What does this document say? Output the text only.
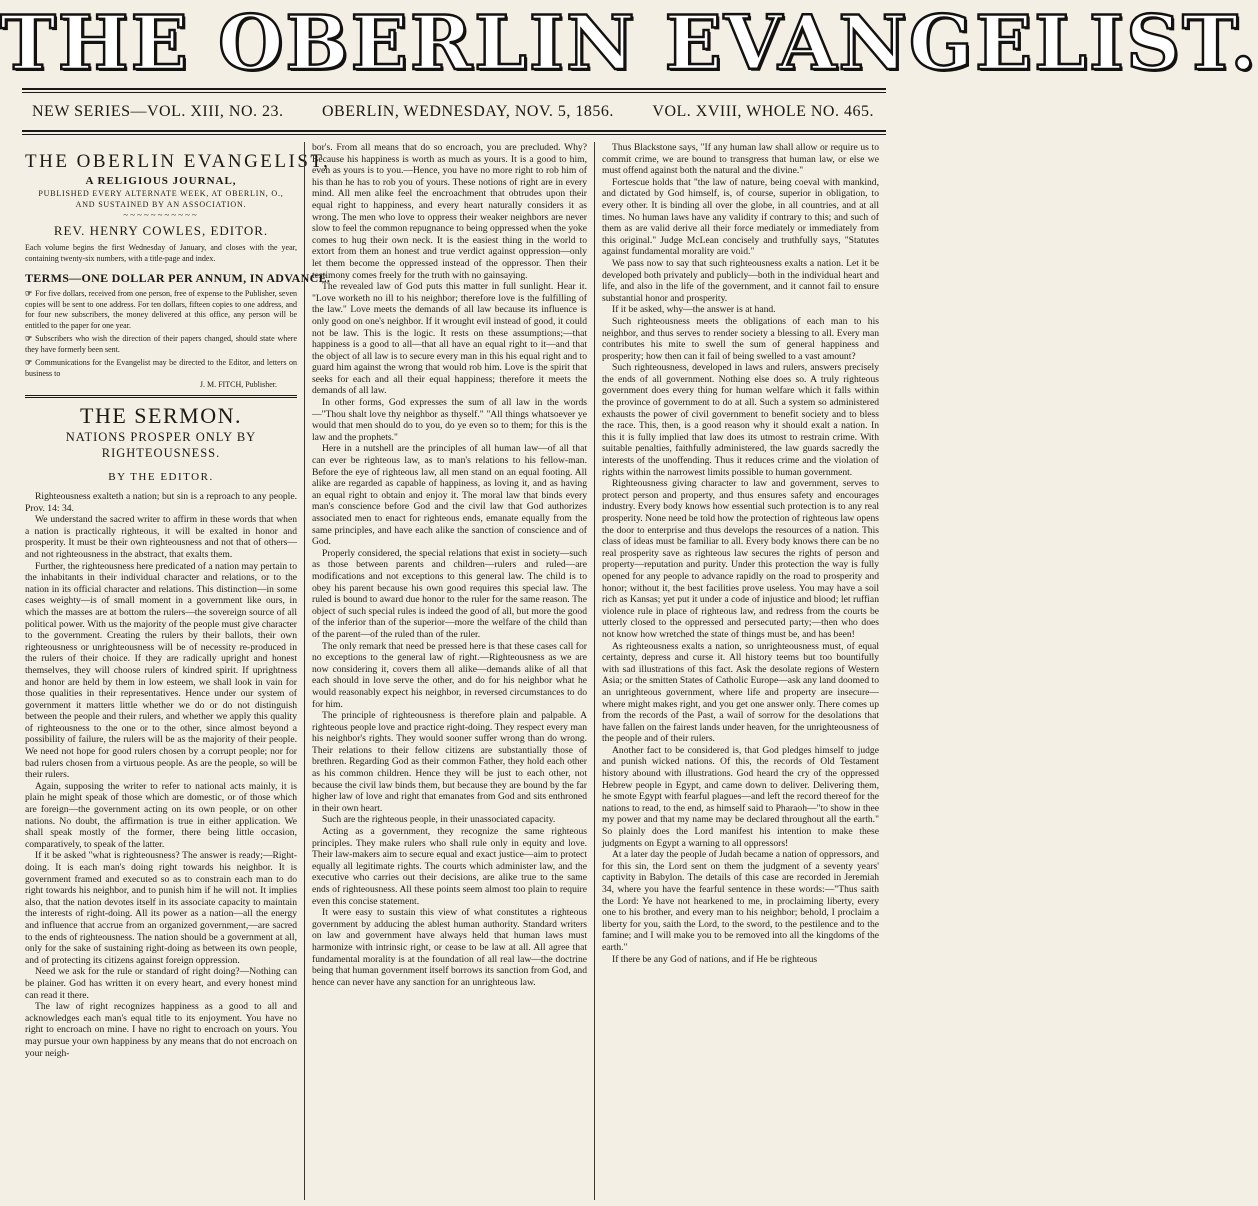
THE OBERLIN EVANGELIST.
NEW SERIES—VOL. XIII, NO. 23. OBERLIN, WEDNESDAY, NOV. 5, 1856. VOL. XVIII, WHOLE NO. 465.
THE OBERLIN EVANGELIST,
A RELIGIOUS JOURNAL,
PUBLISHED EVERY ALTERNATE WEEK, AT OBERLIN, O.,
AND SUSTAINED BY AN ASSOCIATION.
~~~~~~~~~~~
REV. HENRY COWLES, EDITOR.
Each volume begins the first Wednesday of January, and closes with the year, containing twenty-six numbers, with a title-page and index.
TERMS—ONE DOLLAR PER ANNUM, IN ADVANCE.
☞ For five dollars, received from one person, free of expense to the Publisher, seven copies will be sent to one address. For ten dollars, fifteen copies to one address, and for four new subscribers, the money delivered at this office, any person will be entitled to the paper for one year.
☞ Subscribers who wish the direction of their papers changed, should state where they have formerly been sent.
☞ Communications for the Evangelist may be directed to the Editor, and letters on business to
J. M. FITCH, Publisher.
THE SERMON.
NATIONS PROSPER ONLY BY RIGHTEOUSNESS.
BY THE EDITOR.

Righteousness exalteth a nation; but sin is a reproach to any people. Prov. 14: 34.

We understand the sacred writer to affirm in these words that when a nation is practically righteous, it will be exalted in honor and prosperity. It must be their own righteousness and not that of others—and not righteousness in the abstract, that exalts them.

Further, the righteousness here predicated of a nation may pertain to the inhabitants in their individual character and relations, or to the nation in its official character and relations. This distinction—in some cases weighty—is of small moment in a government like ours, in which the masses are at bottom the rulers—the sovereign source of all political power. With us the majority of the people must give character to the government. Creating the rulers by their ballots, their own righteousness or unrighteousness will be of necessity re-produced in the rulers of their choice. If they are radically upright and honest themselves, they will choose rulers of kindred spirit. If uprightness and honor are held by them in low esteem, we shall look in vain for those qualities in their representatives. Hence under our system of government it matters little whether we do or do not distinguish between the people and their rulers, and whether we apply this quality of righteousness to the one or to the other, since almost beyond a possibility of failure, the rulers will be as the majority of their people. We need not hope for good rulers chosen by a corrupt people; nor for bad rulers chosen from a virtuous people. As are the people, so will be their rulers.

Again, supposing the writer to refer to national acts mainly, it is plain he might speak of those which are domestic, or of those which are foreign—the government acting on its own people, or on other nations. No doubt, the affirmation is true in either application. We shall speak mostly of the former, there being little occasion, comparatively, to speak of the latter.

If it be asked "what is righteousness? The answer is ready;—Right-doing. It is each man's doing right towards his neighbor. It is government framed and executed so as to constrain each man to do right towards his neighbor, and to punish him if he will not. It implies also, that the nation devotes itself in its associate capacity to maintain the interests of right-doing. All its power as a nation—all the energy and influence that accrue from an organized government,—are sacred to the ends of righteousness. The nation should be a government at all, only for the sake of sustaining right-doing as between its own people, and of protecting its citizens against foreign oppression.

Need we ask for the rule or standard of right doing?—Nothing can be plainer. God has written it on every heart, and every honest mind can read it there.

The law of right recognizes happiness as a good to all and acknowledges each man's equal title to its enjoyment. You have no right to encroach on mine. I have no right to encroach on yours. You may pursue your own happiness by any means that do not encroach on your neigh-

bor's. From all means that do so encroach, you are precluded. Why? Because his happiness is worth as much as yours. It is a good to him, even as yours is to you.—Hence, you have no more right to rob him of his than he has to rob you of yours. These notions of right are in every mind. All men alike feel the encroachment that obtrudes upon their equal right to happiness, and every heart naturally considers it as wrong. The men who love to oppress their weaker neighbors are never slow to feel the common repugnance to being oppressed when the yoke comes to hug their own neck. It is the easiest thing in the world to extort from them an honest and true verdict against oppression—only let them become the oppressed instead of the oppressor. Then their testimony comes freely for the truth with no gainsaying.

The revealed law of God puts this matter in full sunlight. Hear it. "Love worketh no ill to his neighbor; therefore love is the fulfilling of the law." Love meets the demands of all law because its influence is only good on one's neighbor. If it wrought evil instead of good, it could not be law. This is the logic. It rests on these assumptions;—that happiness is a good to all—that all have an equal right to it—and that the object of all law is to secure every man in this his equal right and to guard him against the wrong that would rob him. Love is the spirit that seeks for each and all their equal happiness; therefore it meets the demands of all law.

In other forms, God expresses the sum of all law in the words—"Thou shalt love thy neighbor as thyself." "All things whatsoever ye would that men should do to you, do ye even so to them; for this is the law and the prophets."

Here in a nutshell are the principles of all human law—of all that can ever be righteous law, as to man's relations to his fellow-man. Before the eye of righteous law, all men stand on an equal footing. All alike are regarded as capable of happiness, as loving it, and as having an equal right to obtain and enjoy it. The moral law that binds every man's conscience before God and the civil law that God authorizes associated men to enact for righteous ends, emanate equally from the same principles, and have each alike the sanction of conscience and of God.

Properly considered, the special relations that exist in society—such as those between parents and children—rulers and ruled—are modifications and not exceptions to this general law. The child is to obey his parent because his own good requires this special law. The ruled is bound to award due honor to the ruler for the same reason. The object of such special rules is indeed the good of all, but more the good of the inferior than of the superior—more the welfare of the child than of the parent—of the ruled than of the ruler.

The only remark that need be pressed here is that these cases call for no exceptions to the general law of right.—Righteousness as we are now considering it, covers them all alike—demands alike of all that each should in love serve the other, and do for his neighbor what he would reasonably expect his neighbor, in reversed circumstances to do for him.

The principle of righteousness is therefore plain and palpable. A righteous people love and practice right-doing. They respect every man his neighbor's rights. They would sooner suffer wrong than do wrong. Their relations to their fellow citizens are substantially those of brethren. Regarding God as their common Father, they hold each other as his common children. Hence they will be just to each other, not because the civil law binds them, but because they are bound by the far higher law of love and right that emanates from God and sits enthroned in their own heart.

Such are the righteous people, in their unassociated capacity.

Acting as a government, they recognize the same righteous principles. They make rulers who shall rule only in equity and love. Their law-makers aim to secure equal and exact justice—aim to protect equally all legitimate rights. The courts which administer law, and the executive who carries out their decisions, are alike true to the same ends of righteousness. All these points seem almost too plain to require even this concise statement.

It were easy to sustain this view of what constitutes a righteous government by adducing the ablest human authority. Standard writers on law and government have always held that human laws must harmonize with intrinsic right, or cease to be law at all. All agree that fundamental morality is at the foundation of all real law—the doctrine being that human government itself borrows its sanction from God, and hence can never have any sanction for an unrighteous law.

Thus Blackstone says, "If any human law shall allow or require us to commit crime, we are bound to transgress that human law, or else we must offend against both the natural and the divine."

Fortescue holds that "the law of nature, being coeval with mankind, and dictated by God himself, is, of course, superior in obligation, to every other. It is binding all over the globe, in all countries, and at all times. No human laws have any validity if contrary to this; and such of them as are valid derive all their force mediately or immediately from this original." Judge McLean concisely and truthfully says, "Statutes against fundamental morality are void."

We pass now to say that such righteousness exalts a nation. Let it be developed both privately and publicly—both in the individual heart and life, and also in the life of the government, and it cannot fail to ensure substantial honor and prosperity.

If it be asked, why—the answer is at hand.

Such righteousness meets the obligations of each man to his neighbor, and thus serves to render society a blessing to all. Every man contributes his mite to swell the sum of general happiness and prosperity; how then can it fail of being swelled to a vast amount?

Such righteousness, developed in laws and rulers, answers precisely the ends of all government. Nothing else does so. A truly righteous government does every thing for human welfare which it falls within the province of government to do at all. Such a system so administered exhausts the power of civil government to benefit society and to bless the race. This, then, is a good reason why it should exalt a nation. In this it is fully implied that law does its utmost to restrain crime. With suitable penalties, faithfully administered, the law guards sacredly the interests of the unoffending. Thus it reduces crime and the violation of rights within the narrowest limits possible to human government.

Righteousness giving character to law and government, serves to protect person and property, and thus ensures safety and encourages industry. Every body knows how essential such protection is to any real prosperity. None need be told how the protection of righteous law opens the door to enterprise and thus develops the resources of a nation. This class of ideas must be familiar to all. Every body knows there can be no real prosperity save as righteous law secures the rights of person and property—reputation and purity. Under this protection the way is fully opened for any people to advance rapidly on the road to prosperity and honor; without it, the best facilities prove useless. You may have a soil rich as Kansas; yet put it under a code of injustice and blood; let ruffian violence rule in place of righteous law, and redress from the courts be utterly closed to the oppressed and persecuted party;—then who does not know how wretched the state of things must be, and has been!

As righteousness exalts a nation, so unrighteousness must, of equal certainty, depress and curse it. All history teems but too bountifully with sad illustrations of this fact. Ask the desolate regions of Western Asia; or the smitten States of Catholic Europe—ask any land doomed to an unrighteous government, where life and property are insecure—where might makes right, and you get one answer only. There comes up from the records of the Past, a wail of sorrow for the desolations that have fallen on the fairest lands under heaven, for the unrighteousness of the people and of their rulers.

Another fact to be considered is, that God pledges himself to judge and punish wicked nations. Of this, the records of Old Testament history abound with illustrations. God heard the cry of the oppressed Hebrew people in Egypt, and came down to deliver. Delivering them, he smote Egypt with fearful plagues—and left the record thereof for the nations to read, to the end, as himself said to Pharaoh—"to show in thee my power and that my name may be declared throughout all the earth." So plainly does the Lord manifest his intention to make these judgments on Egypt a warning to all oppressors!

At a later day the people of Judah became a nation of oppressors, and for this sin, the Lord sent on them the judgment of a seventy years' captivity in Babylon. The details of this case are recorded in Jeremiah 34, where you have the fearful sentence in these words:—"Thus saith the Lord: Ye have not hearkened to me, in proclaiming liberty, every one to his brother, and every man to his neighbor; behold, I proclaim a liberty for you, saith the Lord, to the sword, to the pestilence and to the famine; and I will make you to be removed into all the kingdoms of the earth."

If there be any God of nations, and if He be righteous
